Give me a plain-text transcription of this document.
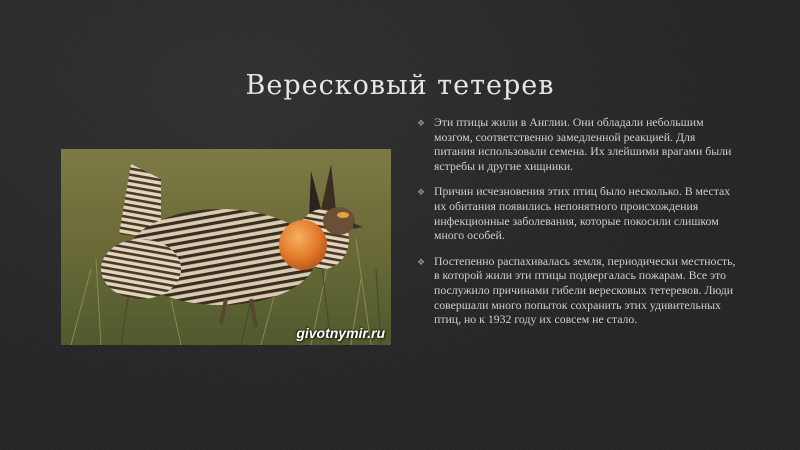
Вересковый тетерев
givotnymir.ru
❖ Эти птицы жили в Англии. Они обладали небольшим мозгом, соответственно замедленной реакцией. Для питания использовали семена. Их злейшими врагами были ястребы и другие хищники.
❖ Причин исчезновения этих птиц было несколько. В местах их обитания появились непонятного происхождения инфекционные заболевания, которые покосили слишком много особей.
❖ Постепенно распахивалась земля, периодически местность, в которой жили эти птицы подвергалась пожарам. Все это послужило причинами гибели вересковых тетеревов. Люди совершали много попыток сохранить этих удивительных птиц, но к 1932 году их совсем не стало.
